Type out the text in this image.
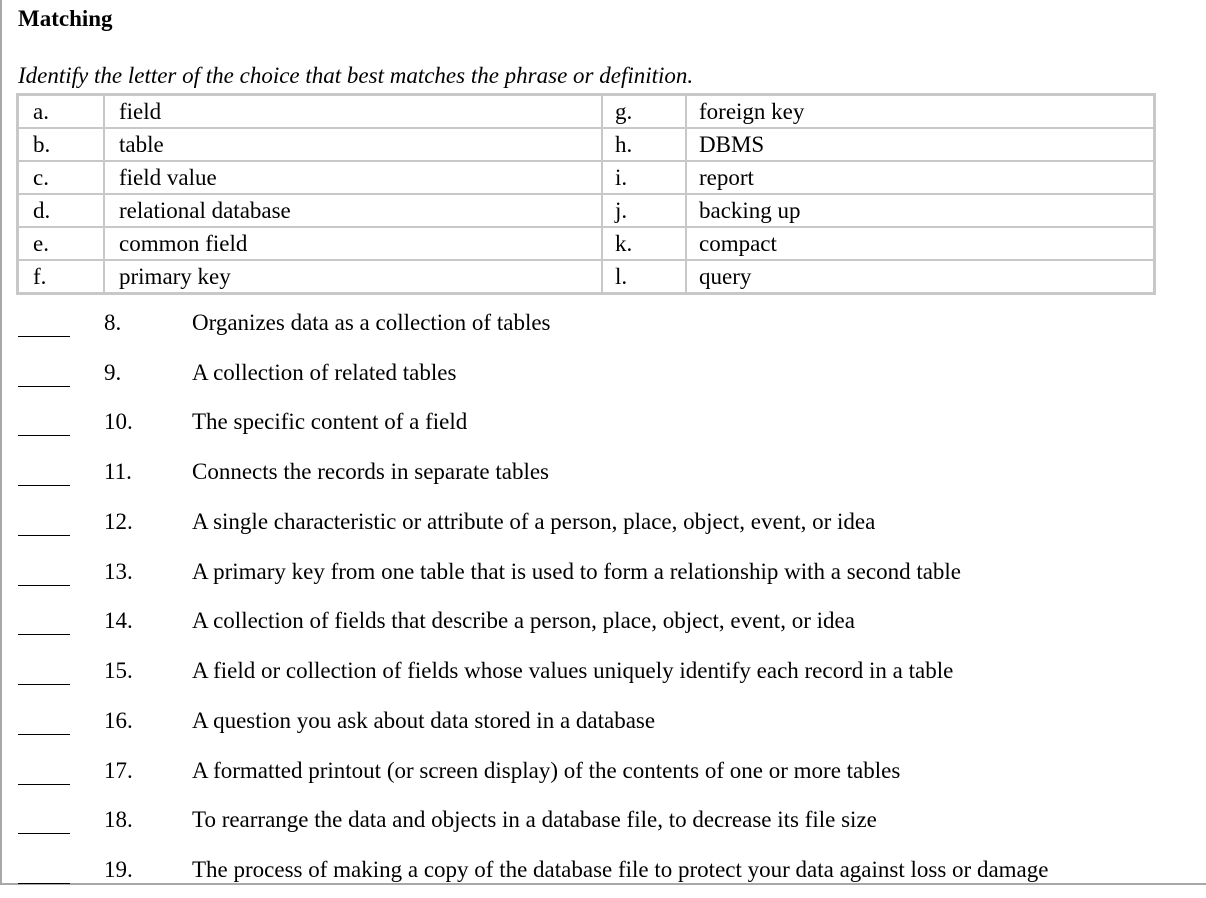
Matching
Identify the letter of the choice that best matches the phrase or definition.
a.	field	g.	foreign key
b.	table	h.	DBMS
c.	field value	i.	report
d.	relational database	j.	backing up
e.	common field	k.	compact
f.	primary key	l.	query
8.	Organizes data as a collection of tables
9.	A collection of related tables
10.	The specific content of a field
11.	Connects the records in separate tables
12.	A single characteristic or attribute of a person, place, object, event, or idea
13.	A primary key from one table that is used to form a relationship with a second table
14.	A collection of fields that describe a person, place, object, event, or idea
15.	A field or collection of fields whose values uniquely identify each record in a table
16.	A question you ask about data stored in a database
17.	A formatted printout (or screen display) of the contents of one or more tables
18.	To rearrange the data and objects in a database file, to decrease its file size
19.	The process of making a copy of the database file to protect your data against loss or damage
